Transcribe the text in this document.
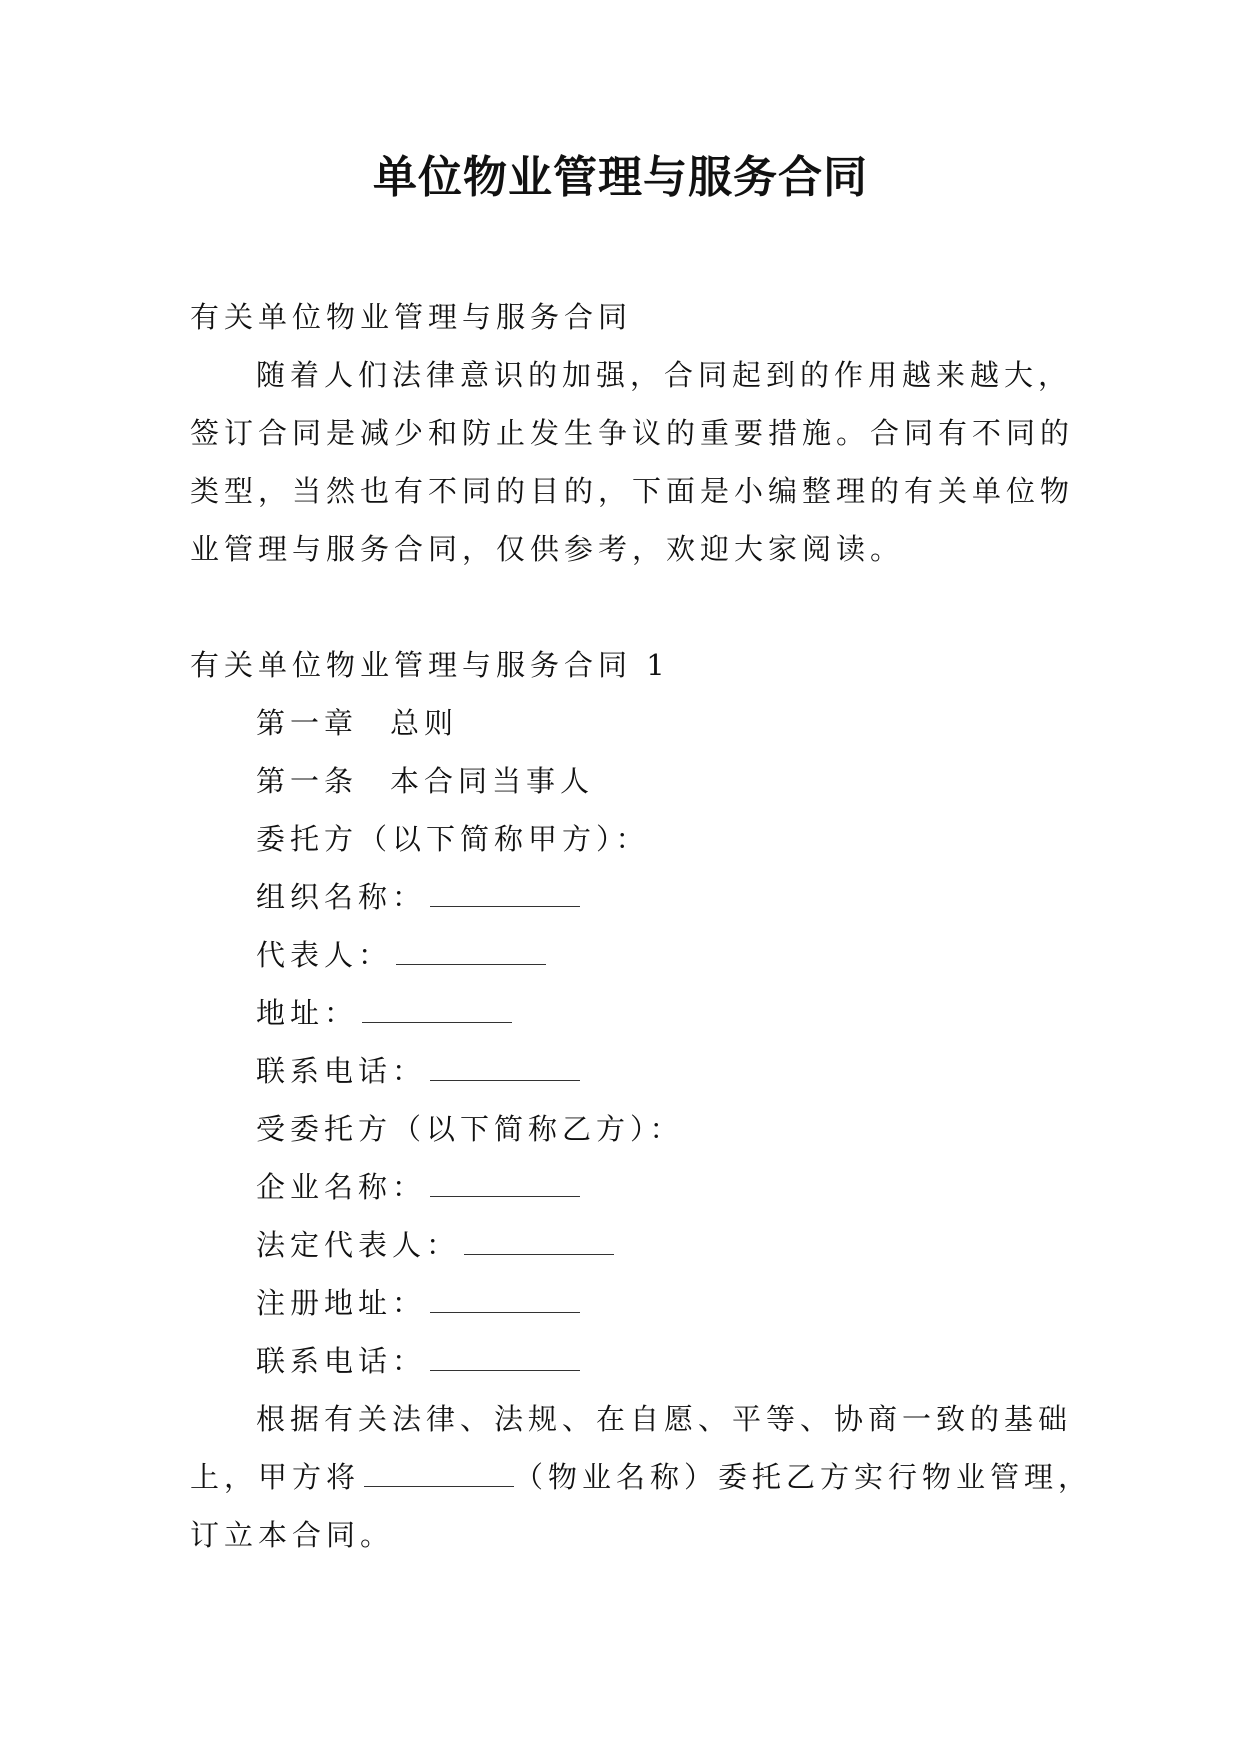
单位物业管理与服务合同
有关单位物业管理与服务合同
随着人们法律意识的加强，合同起到的作用越来越大，
签订合同是减少和防止发生争议的重要措施。合同有不同的
类型，当然也有不同的目的，下面是小编整理的有关单位物
业管理与服务合同，仅供参考，欢迎大家阅读。
有关单位物业管理与服务合同 1
第一章 总则
第一条 本合同当事人
委托方（以下简称甲方）：
组织名称：
代表人：
地址：
联系电话：
受委托方（以下简称乙方）：
企业名称：
法定代表人：
注册地址：
联系电话：
根据有关法律、法规、在自愿、平等、协商一致的基础
上，甲方将	（物业名称）委托乙方实行物业管理，
订立本合同。
